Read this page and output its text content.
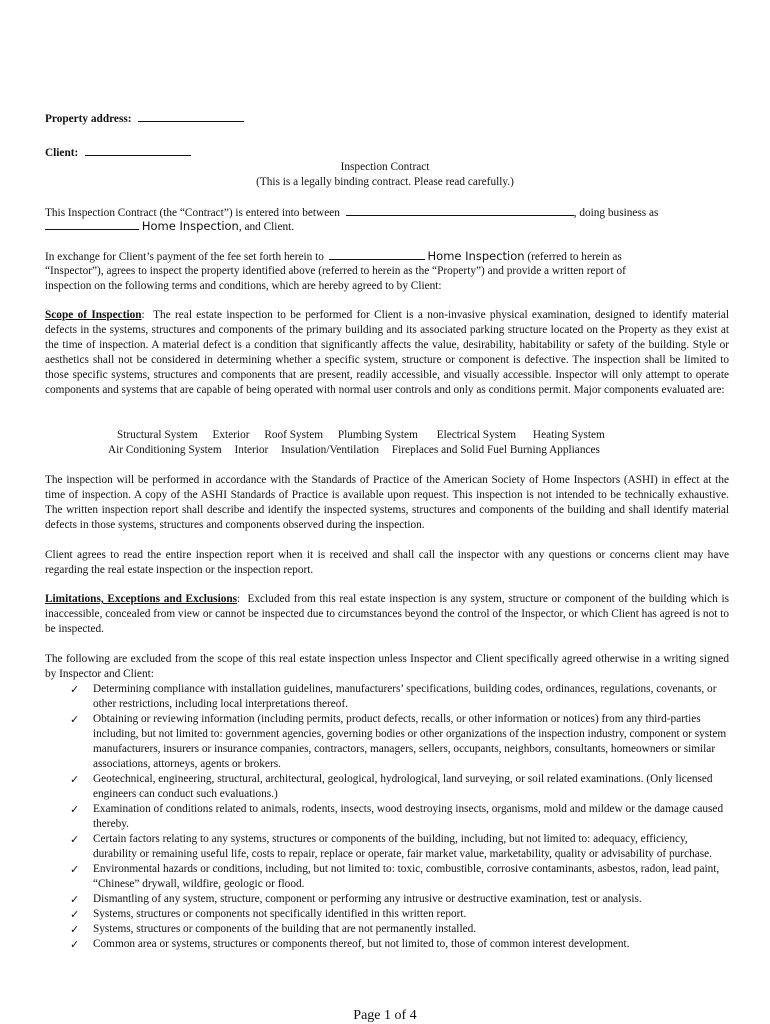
Property address:
Client:
Inspection Contract
(This is a legally binding contract. Please read carefully.)
This Inspection Contract (the “Contract”) is entered into between	, doing business as
Home Inspection, and Client.
In exchange for Client’s payment of the fee set forth herein to	Home Inspection (referred to herein as
“Inspector”), agrees to inspect the property identified above (referred to herein as the “Property”) and provide a written report of
inspection on the following terms and conditions, which are hereby agreed to by Client:
Scope of Inspection:  The real estate inspection to be performed for Client is a non-invasive physical examination, designed to identify material defects in the systems, structures and components of the primary building and its associated parking structure located on the Property as they exist at the time of inspection. A material defect is a condition that significantly affects the value, desirability, habitability or safety of the building. Style or aesthetics shall not be considered in determining whether a specific system, structure or component is defective. The inspection shall be limited to those specific systems, structures and components that are present, readily accessible, and visually accessible. Inspector will only attempt to operate components and systems that are capable of being operated with normal user controls and only as conditions permit. Major components evaluated are:
Structural System Exterior Roof System Plumbing System Electrical System Heating System
Air Conditioning System Interior Insulation/Ventilation Fireplaces and Solid Fuel Burning Appliances
The inspection will be performed in accordance with the Standards of Practice of the American Society of Home Inspectors (ASHI) in effect at the time of inspection. A copy of the ASHI Standards of Practice is available upon request. This inspection is not intended to be technically exhaustive. The written inspection report shall describe and identify the inspected systems, structures and components of the building and shall identify material defects in those systems, structures and components observed during the inspection.
Client agrees to read the entire inspection report when it is received and shall call the inspector with any questions or concerns client may have regarding the real estate inspection or the inspection report.
Limitations, Exceptions and Exclusions:  Excluded from this real estate inspection is any system, structure or component of the building which is inaccessible, concealed from view or cannot be inspected due to circumstances beyond the control of the Inspector, or which Client has agreed is not to be inspected.
The following are excluded from the scope of this real estate inspection unless Inspector and Client specifically agreed otherwise in a writing signed by Inspector and Client:
✓ Determining compliance with installation guidelines, manufacturers’ specifications, building codes, ordinances, regulations, covenants, or other restrictions, including local interpretations thereof.
✓ Obtaining or reviewing information (including permits, product defects, recalls, or other information or notices) from any third-parties including, but not limited to: government agencies, governing bodies or other organizations of the inspection industry, component or system manufacturers, insurers or insurance companies, contractors, managers, sellers, occupants, neighbors, consultants, homeowners or similar associations, attorneys, agents or brokers.
✓ Geotechnical, engineering, structural, architectural, geological, hydrological, land surveying, or soil related examinations. (Only licensed engineers can conduct such evaluations.)
✓ Examination of conditions related to animals, rodents, insects, wood destroying insects, organisms, mold and mildew or the damage caused thereby.
✓ Certain factors relating to any systems, structures or components of the building, including, but not limited to: adequacy, efficiency, durability or remaining useful life, costs to repair, replace or operate, fair market value, marketability, quality or advisability of purchase.
✓ Environmental hazards or conditions, including, but not limited to: toxic, combustible, corrosive contaminants, asbestos, radon, lead paint, “Chinese” drywall, wildfire, geologic or flood.
✓ Dismantling of any system, structure, component or performing any intrusive or destructive examination, test or analysis.
✓ Systems, structures or components not specifically identified in this written report.
✓ Systems, structures or components of the building that are not permanently installed.
✓ Common area or systems, structures or components thereof, but not limited to, those of common interest development.
Page 1 of 4
